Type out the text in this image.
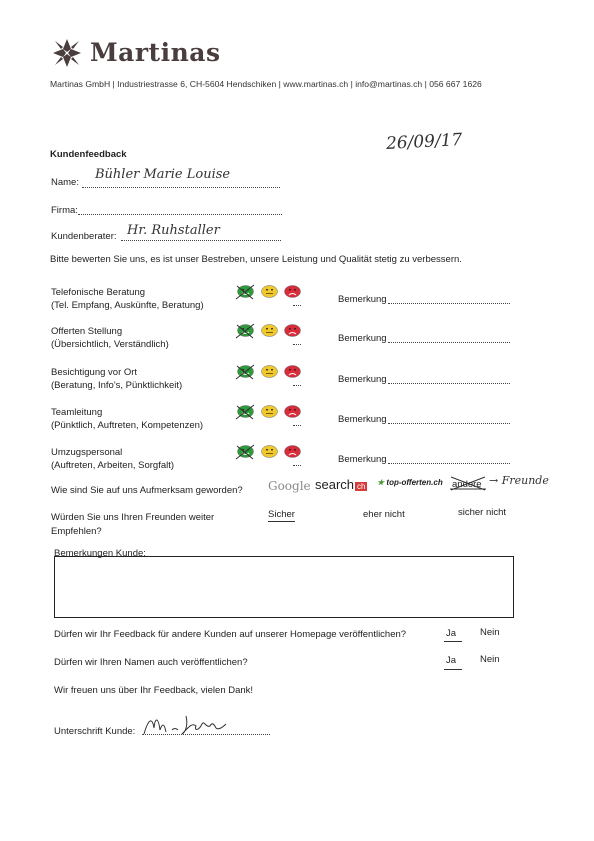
Martinas
Martinas GmbH | Industriestrasse 6, CH-5604 Hendschiken | www.martinas.ch | info@martinas.ch | 056 667 1626
26/09/17
Kundenfeedback
Name:
Bühler Marie Louise
Firma:
Kundenberater: Hr. Ruhstaller
Bitte bewerten Sie uns, es ist unser Bestreben, unsere Leistung und Qualität stetig zu verbessern.
Telefonische Beratung
(Tel. Empfang, Auskünfte, Beratung)
Bemerkung
Offerten Stellung
(Übersichtlich, Verständlich)
Bemerkung
Besichtigung vor Ort
(Beratung, Info's, Pünktlichkeit)
Bemerkung
Teamleitung
(Pünktlich, Auftreten, Kompetenzen)
Bemerkung
Umzugspersonal
(Auftreten, Arbeiten, Sorgfalt)
Bemerkung
Wie sind Sie auf uns Aufmerksam geworden? Google search ch ★ top-offerten.ch andere → Freunde
Würden Sie uns Ihren Freunden weiter
Empfehlen?
Sicher	eher nicht	sicher nicht
Bemerkungen Kunde:
Dürfen wir Ihr Feedback für andere Kunden auf unserer Homepage veröffentlichen?	Ja	Nein
Dürfen wir Ihren Namen auch veröffentlichen?	Ja	Nein
Wir freuen uns über Ihr Feedback, vielen Dank!
Unterschrift Kunde:
